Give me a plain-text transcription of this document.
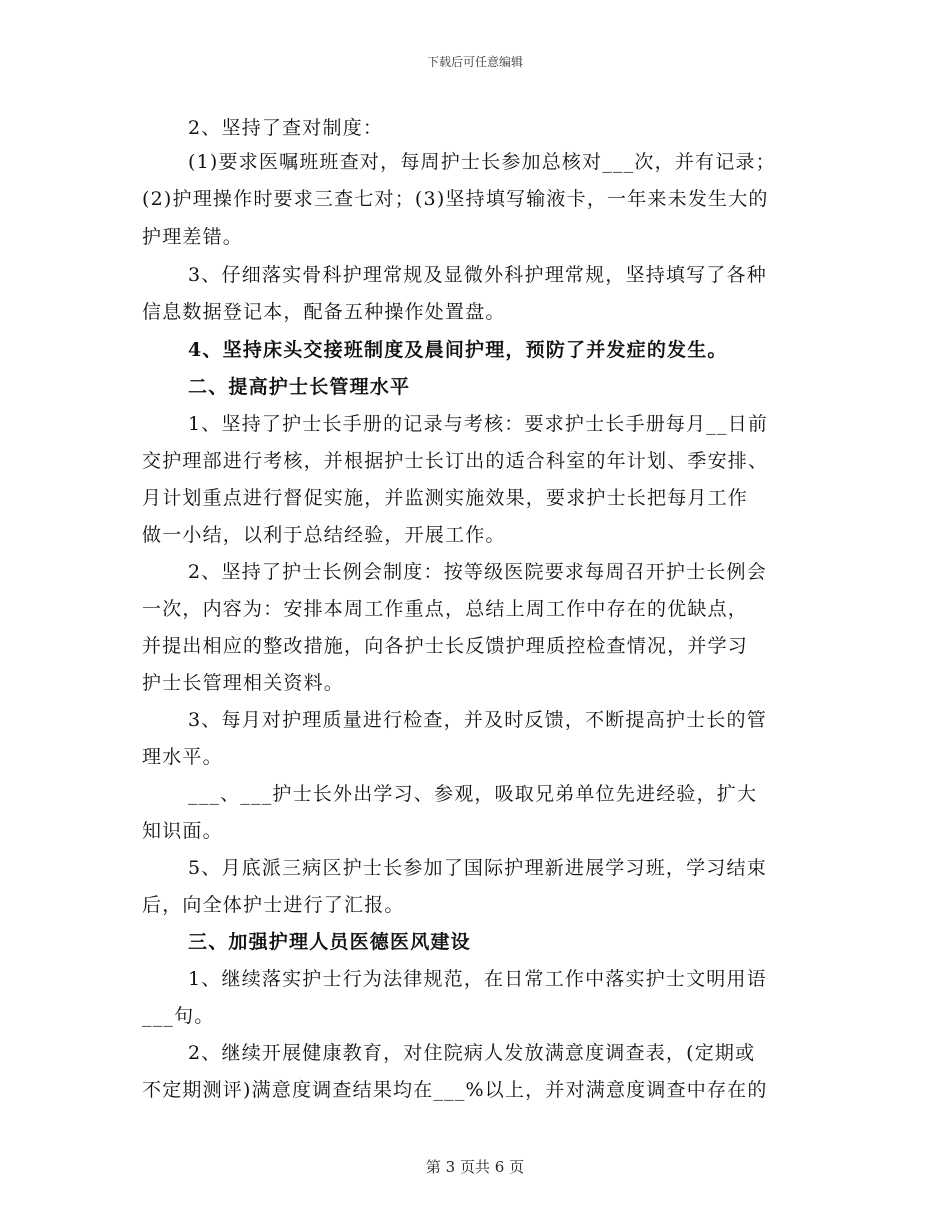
下载后可任意编辑
2、坚持了查对制度：
(1)要求医嘱班班查对，每周护士长参加总核对___次，并有记录；
(2)护理操作时要求三查七对；(3)坚持填写输液卡，一年来未发生大的
护理差错。
3、仔细落实骨科护理常规及显微外科护理常规，坚持填写了各种
信息数据登记本，配备五种操作处置盘。
4、坚持床头交接班制度及晨间护理，预防了并发症的发生。
二、提高护士长管理水平
1、坚持了护士长手册的记录与考核：要求护士长手册每月__日前
交护理部进行考核，并根据护士长订出的适合科室的年计划、季安排、
月计划重点进行督促实施，并监测实施效果，要求护士长把每月工作
做一小结，以利于总结经验，开展工作。
2、坚持了护士长例会制度：按等级医院要求每周召开护士长例会
一次，内容为：安排本周工作重点，总结上周工作中存在的优缺点，
并提出相应的整改措施，向各护士长反馈护理质控检查情况，并学习
护士长管理相关资料。
3、每月对护理质量进行检查，并及时反馈，不断提高护士长的管
理水平。
___、___护士长外出学习、参观，吸取兄弟单位先进经验，扩大
知识面。
5、月底派三病区护士长参加了国际护理新进展学习班，学习结束
后，向全体护士进行了汇报。
三、加强护理人员医德医风建设
1、继续落实护士行为法律规范，在日常工作中落实护士文明用语
___句。
2、继续开展健康教育，对住院病人发放满意度调查表，(定期或
不定期测评)满意度调查结果均在___%以上，并对满意度调查中存在的
第 3 页共 6 页
